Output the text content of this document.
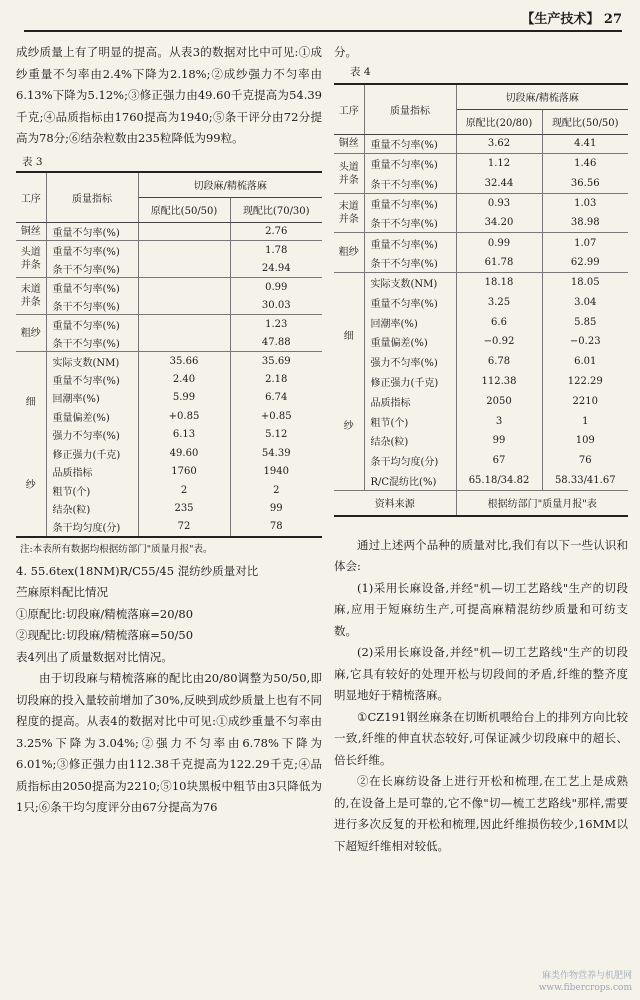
【生产技术】 27

成纱质量上有了明显的提高。从表3的数据对比中可见:①成纱重量不匀率由2.4%下降为2.18%;②成纱强力不匀率由6.13%下降为5.12%;③修正强力由49.60千克提高为54.39千克;④品质指标由1760提高为1940;⑤条干评分由72分提高为78分;⑥结杂粒数由235粒降低为99粒。

表 3
工序	质量指标	切段麻/精梳落麻	
		原配比(50/50)	现配比(70/30)

铜丝	重量不匀率(%)		2.76

头道
并条	重量不匀率(%)		1.78
	条干不匀率(%)		24.94

末道
并条	重量不匀率(%)		0.99
	条干不匀率(%)		30.03

粗纱	重量不匀率(%)		1.23
	条干不匀率(%)		47.88

细
纱	实际支数(NM)	35.66	35.69
	重量不匀率(%)	2.40	2.18
	回潮率(%)	5.99	6.74
	重量偏差(%)	+0.85	+0.85
	强力不匀率(%)	6.13	5.12
	修正强力(千克)	49.60	54.39
	品质指标	1760	1940
	粗节(个)	2	2
	结杂(粒)	235	99
	条干均匀度(分)	72	78
注:本表所有数据均根据纺部门"质量月报"表。

4. 55.6tex(18NM)R/C55/45 混纺纱质量对比

苎麻原料配比情况

①原配比:切段麻/精梳落麻=20/80

②现配比:切段麻/精梳落麻=50/50

表4列出了质量数据对比情况。

由于切段麻与精梳落麻的配比由20/80调整为50/50,即切段麻的投入量较前增加了30%,反映到成纱质量上也有不同程度的提高。从表4的数据对比中可见:①成纱重量不匀率由3.25%下降为3.04%;②强力不匀率由6.78%下降为6.01%;③修正强力由112.38千克提高为122.29千克;④品质指标由2050提高为2210;⑤10块黑板中粗节由3只降低为1只;⑥条干均匀度评分由67分提高为76

分。

表 4
工序	质量指标	切段麻/精梳落麻	
		原配比(20/80)	现配比(50/50)

铜丝	重量不匀率(%)	3.62	4.41

头道
并条	重量不匀率(%)	1.12	1.46
	条干不匀率(%)	32.44	36.56

末道
并条	重量不匀率(%)	0.93	1.03
	条干不匀率(%)	34.20	38.98

粗纱	重量不匀率(%)	0.99	1.07
	条干不匀率(%)	61.78	62.99

细
纱	实际支数(NM)	18.18	18.05
	重量不匀率(%)	3.25	3.04
	回潮率(%)	6.6	5.85
	重量偏差(%)	−0.92	−0.23
	强力不匀率(%)	6.78	6.01
	修正强力(千克)	112.38	122.29
	品质指标	2050	2210
	粗节(个)	3	1
	结杂(粒)	99	109
	条干均匀度(分)	67	76
	R/C混纺比(%)	65.18/34.82	58.33/41.67
资料来源		根据纺部门"质量月报"表	

通过上述两个品种的质量对比,我们有以下一些认识和体会:

(1)采用长麻设备,并经"机—切工艺路线"生产的切段麻,应用于短麻纺生产,可提高麻精混纺纱质量和可纺支数。

(2)采用长麻设备,并经"机—切工艺路线"生产的切段麻,它具有较好的处理开松与切段间的矛盾,纤维的整齐度明显地好于精梳落麻。

①CZ191钢丝麻条在切断机喂给台上的排列方向比较一致,纤维的伸直状态较好,可保证减少切段麻中的超长、倍长纤维。

②在长麻纺设备上进行开松和梳理,在工艺上是成熟的,在设备上是可靠的,它不像"切—梳工艺路线"那样,需要进行多次反复的开松和梳理,因此纤维损伤较少,16MM以下超短纤维相对较低。

麻类作物营养与机肥网
www.fibercrops.com
